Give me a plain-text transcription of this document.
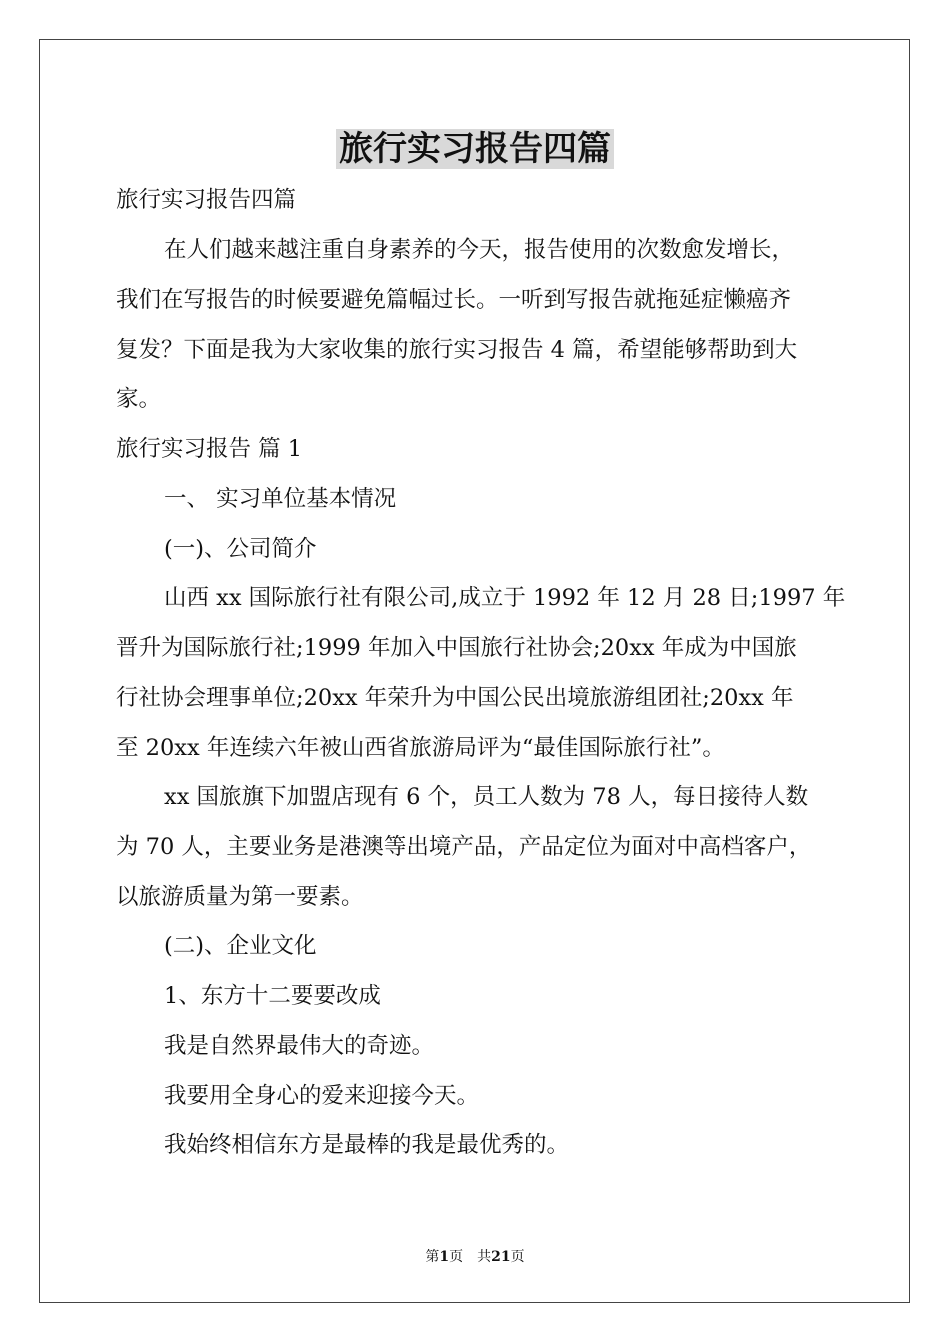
旅行实习报告四篇
旅行实习报告四篇
在人们越来越注重自身素养的今天，报告使用的次数愈发增长，
我们在写报告的时候要避免篇幅过长。一听到写报告就拖延症懒癌齐
复发？下面是我为大家收集的旅行实习报告 4 篇，希望能够帮助到大
家。
旅行实习报告 篇 1
一、 实习单位基本情况
(一)、公司简介
山西 xx 国际旅行社有限公司,成立于 1992 年 12 月 28 日;1997 年
晋升为国际旅行社;1999 年加入中国旅行社协会;20xx 年成为中国旅
行社协会理事单位;20xx 年荣升为中国公民出境旅游组团社;20xx 年
至 20xx 年连续六年被山西省旅游局评为“最佳国际旅行社”。
xx 国旅旗下加盟店现有 6 个，员工人数为 78 人，每日接待人数
为 70 人，主要业务是港澳等出境产品，产品定位为面对中高档客户，
以旅游质量为第一要素。
(二)、企业文化
1、东方十二要要改成
我是自然界最伟大的奇迹。
我要用全身心的爱来迎接今天。
我始终相信东方是最棒的我是最优秀的。
第1页　共21页
